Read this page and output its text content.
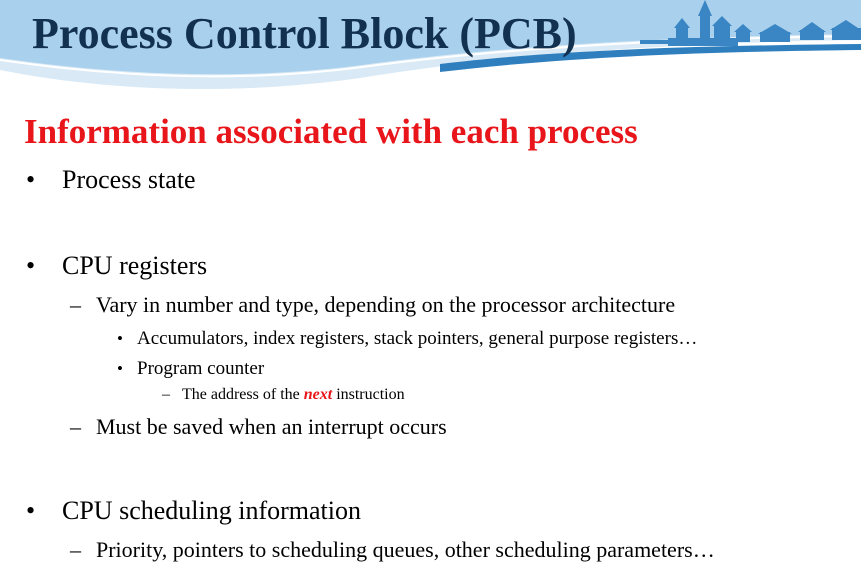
Process Control Block (PCB)
Information associated with each process
•	Process state
•	CPU registers
– Vary in number and type, depending on the processor architecture
• Accumulators, index registers, stack pointers, general purpose registers…
• Program counter
– The address of the
next
instruction
– Must be saved when an interrupt occurs
•	CPU scheduling information
– Priority, pointers to scheduling queues, other scheduling parameters…
